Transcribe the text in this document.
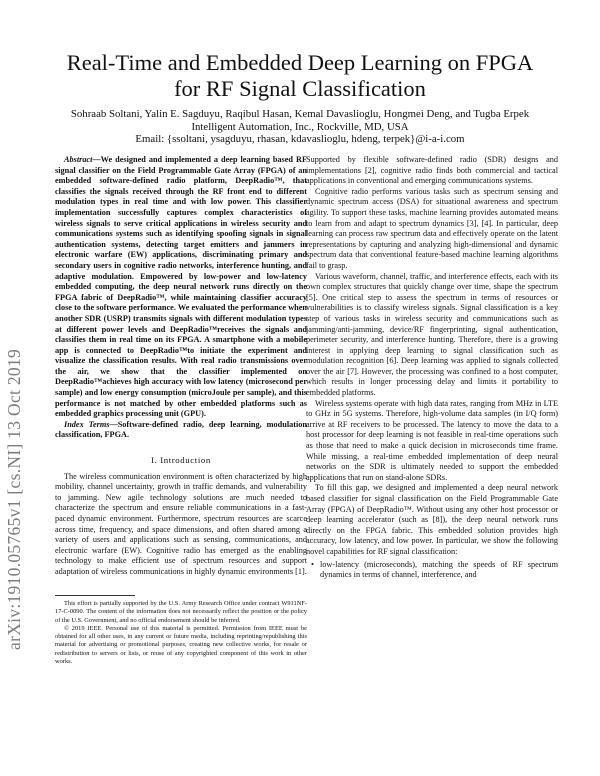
arXiv:1910.05765v1 [cs.NI] 13 Oct 2019
Real-Time and Embedded Deep Learning on FPGA
for RF Signal Classification
Sohraab Soltani, Yalin E. Sagduyu, Raqibul Hasan, Kemal Davaslioglu, Hongmei Deng, and Tugba Erpek
Intelligent Automation, Inc., Rockville, MD, USA
Email: {ssoltani, ysagduyu, rhasan, kdavaslioglu, hdeng, terpek}@i-a-i.com

Abstract—We designed and implemented a deep learning based RF signal classifier on the Field Programmable Gate Array (FPGA) of an embedded software-defined radio platform, DeepRadio™, that classifies the signals received through the RF front end to different modulation types in real time and with low power. This classifier implementation successfully captures complex characteristics of wireless signals to serve critical applications in wireless security and communications systems such as identifying spoofing signals in signal authentication systems, detecting target emitters and jammers in electronic warfare (EW) applications, discriminating primary and secondary users in cognitive radio networks, interference hunting, and adaptive modulation. Empowered by low-power and low-latency embedded computing, the deep neural network runs directly on the FPGA fabric of DeepRadio™, while maintaining classifier accuracy close to the software performance. We evaluated the performance when another SDR (USRP) transmits signals with different modulation types at different power levels and DeepRadio™receives the signals and classifies them in real time on its FPGA. A smartphone with a mobile app is connected to DeepRadio™to initiate the experiment and visualize the classification results. With real radio transmissions over the air, we show that the classifier implemented on DeepRadio™achieves high accuracy with low latency (microsecond per sample) and low energy consumption (microJoule per sample), and this performance is not matched by other embedded platforms such as embedded graphics processing unit (GPU).

Index Terms—Software-defined radio, deep learning, modulation classification, FPGA.

I. Introduction

The wireless communication environment is often characterized by high mobility, channel uncertainty, growth in traffic demands, and vulnerability to jamming. New agile technology solutions are much needed to characterize the spectrum and ensure reliable communications in a fast-paced dynamic environment. Furthermore, spectrum resources are scarce across time, frequency, and space dimensions, and often shared among a variety of users and applications such as sensing, communications, and electronic warfare (EW). Cognitive radio has emerged as the enabling technology to make efficient use of spectrum resources and support adaptation of wireless communications in highly dynamic environments [1].

This effort is partially supported by the U.S. Army Research Office under contract W911NF-17-C-0090. The content of the information does not necessarily reflect the position or the policy of the U.S. Government, and no official endorsement should be inferred.

© 2019 IEEE. Personal use of this material is permitted. Permission from IEEE must be obtained for all other uses, in any current or future media, including reprinting/republishing this material for advertising or promotional purposes, creating new collective works, for resale or redistribution to servers or lists, or reuse of any copyrighted component of this work in other works.

Supported by flexible software-defined radio (SDR) designs and implementations [2], cognitive radio finds both commercial and tactical applications in conventional and emerging communications systems.

Cognitive radio performs various tasks such as spectrum sensing and dynamic spectrum access (DSA) for situational awareness and spectrum agility. To support these tasks, machine learning provides automated means to learn from and adapt to spectrum dynamics [3], [4]. In particular, deep learning can process raw spectrum data and effectively operate on the latent representations by capturing and analyzing high-dimensional and dynamic spectrum data that conventional feature-based machine learning algorithms fail to grasp.

Various waveform, channel, traffic, and interference effects, each with its own complex structures that quickly change over time, shape the spectrum [5]. One critical step to assess the spectrum in terms of resources or vulnerabilities is to classify wireless signals. Signal classification is a key step of various tasks in wireless security and communications such as jamming/anti-jamming, device/RF fingerprinting, signal authentication, perimeter security, and interference hunting. Therefore, there is a growing interest in applying deep learning to signal classification such as modulation recognition [6]. Deep learning was applied to signals collected over the air [7]. However, the processing was confined to a host computer, which results in longer processing delay and limits it portability to embedded platforms.

Wireless systems operate with high data rates, ranging from MHz in LTE to GHz in 5G systems. Therefore, high-volume data samples (in I/Q form) arrive at RF receivers to be processed. The latency to move the data to a host processor for deep learning is not feasible in real-time operations such as those that need to make a quick decision in microseconds time frame. While missing, a real-time embedded implementation of deep neural networks on the SDR is ultimately needed to support the embedded applications that run on stand-alone SDRs.

To fill this gap, we designed and implemented a deep neural network based classifier for signal classification on the Field Programmable Gate Array (FPGA) of DeepRadio™. Without using any other host processor or deep learning accelerator (such as [8]), the deep neural network runs directly on the FPGA fabric. This embedded solution provides high accuracy, low latency, and low power. In particular, we show the following novel capabilities for RF signal classification:

• low-latency (microseconds), matching the speeds of RF spectrum dynamics in terms of channel, interference, and
